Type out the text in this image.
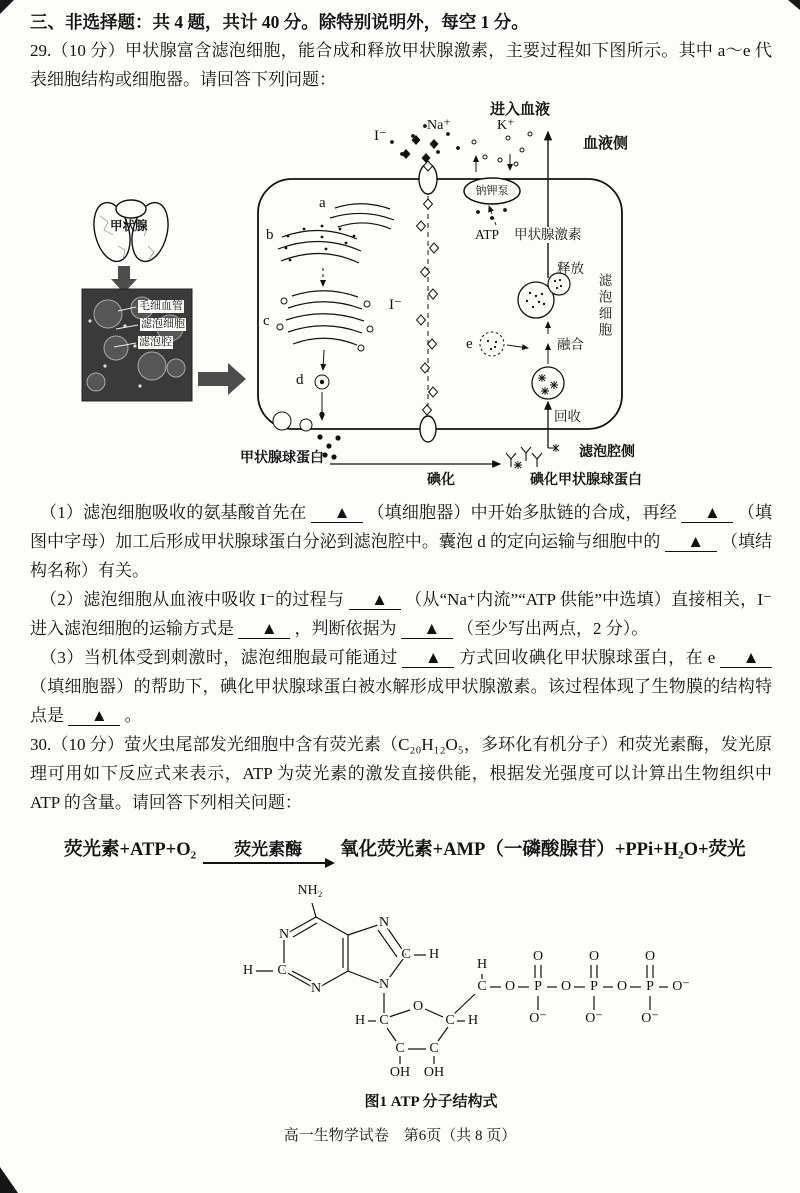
三、非选择题：共 4 题，共计 40 分。除特别说明外，每空 1 分。

29.（10 分）甲状腺富含滤泡细胞，能合成和释放甲状腺激素，主要过程如下图所示。其中 a～e 代表细胞结构或细胞器。请回答下列问题：

进入血液
Na⁺	K⁺
I⁻	血液侧
钠钾泵
ATP 甲状腺激素
释放
滤泡细胞
I⁻
融合
回收
滤泡腔侧
甲状腺球蛋白
碘化	碘化甲状腺球蛋白
a
b
c
d
e
甲状腺
毛细血管
滤泡细胞
滤泡腔

（1）滤泡细胞吸收的氨基酸首先在 ▲ （填细胞器）中开始多肽链的合成，再经 ▲ （填图中字母）加工后形成甲状腺球蛋白分泌到滤泡腔中。囊泡 d 的定向运输与细胞中的 ▲ （填结构名称）有关。

（2）滤泡细胞从血液中吸收 I⁻的过程与 ▲ （从“Na⁺内流”“ATP 供能”中选填）直接相关，I⁻进入滤泡细胞的运输方式是 ▲ ，判断依据为 ▲ （至少写出两点，2 分）。

（3）当机体受到刺激时，滤泡细胞最可能通过 ▲ 方式回收碘化甲状腺球蛋白，在 e ▲ （填细胞器）的帮助下，碘化甲状腺球蛋白被水解形成甲状腺激素。该过程体现了生物膜的结构特点是 ▲ 。

30.（10 分）萤火虫尾部发光细胞中含有荧光素（C₂₀H₁₂O₅，多环化有机分子）和荧光素酶，发光原理可用如下反应式来表示，ATP 为荧光素的激发直接供能，根据发光强度可以计算出生物组织中 ATP 的含量。请回答下列相关问题：

荧光素+ATP+O₂ 荧光素酶 氧化荧光素+AMP（一磷酸腺苷）+PPi+H₂O+荧光
NH₂
N
H C
N
N
C H
N
C
H
O
C H
C C
OH OH
C
H
O P O P O P O⁻
O	O	O
O⁻	O⁻	O⁻
图1 ATP 分子结构式
高一生物学试卷　第6页（共 8 页）
